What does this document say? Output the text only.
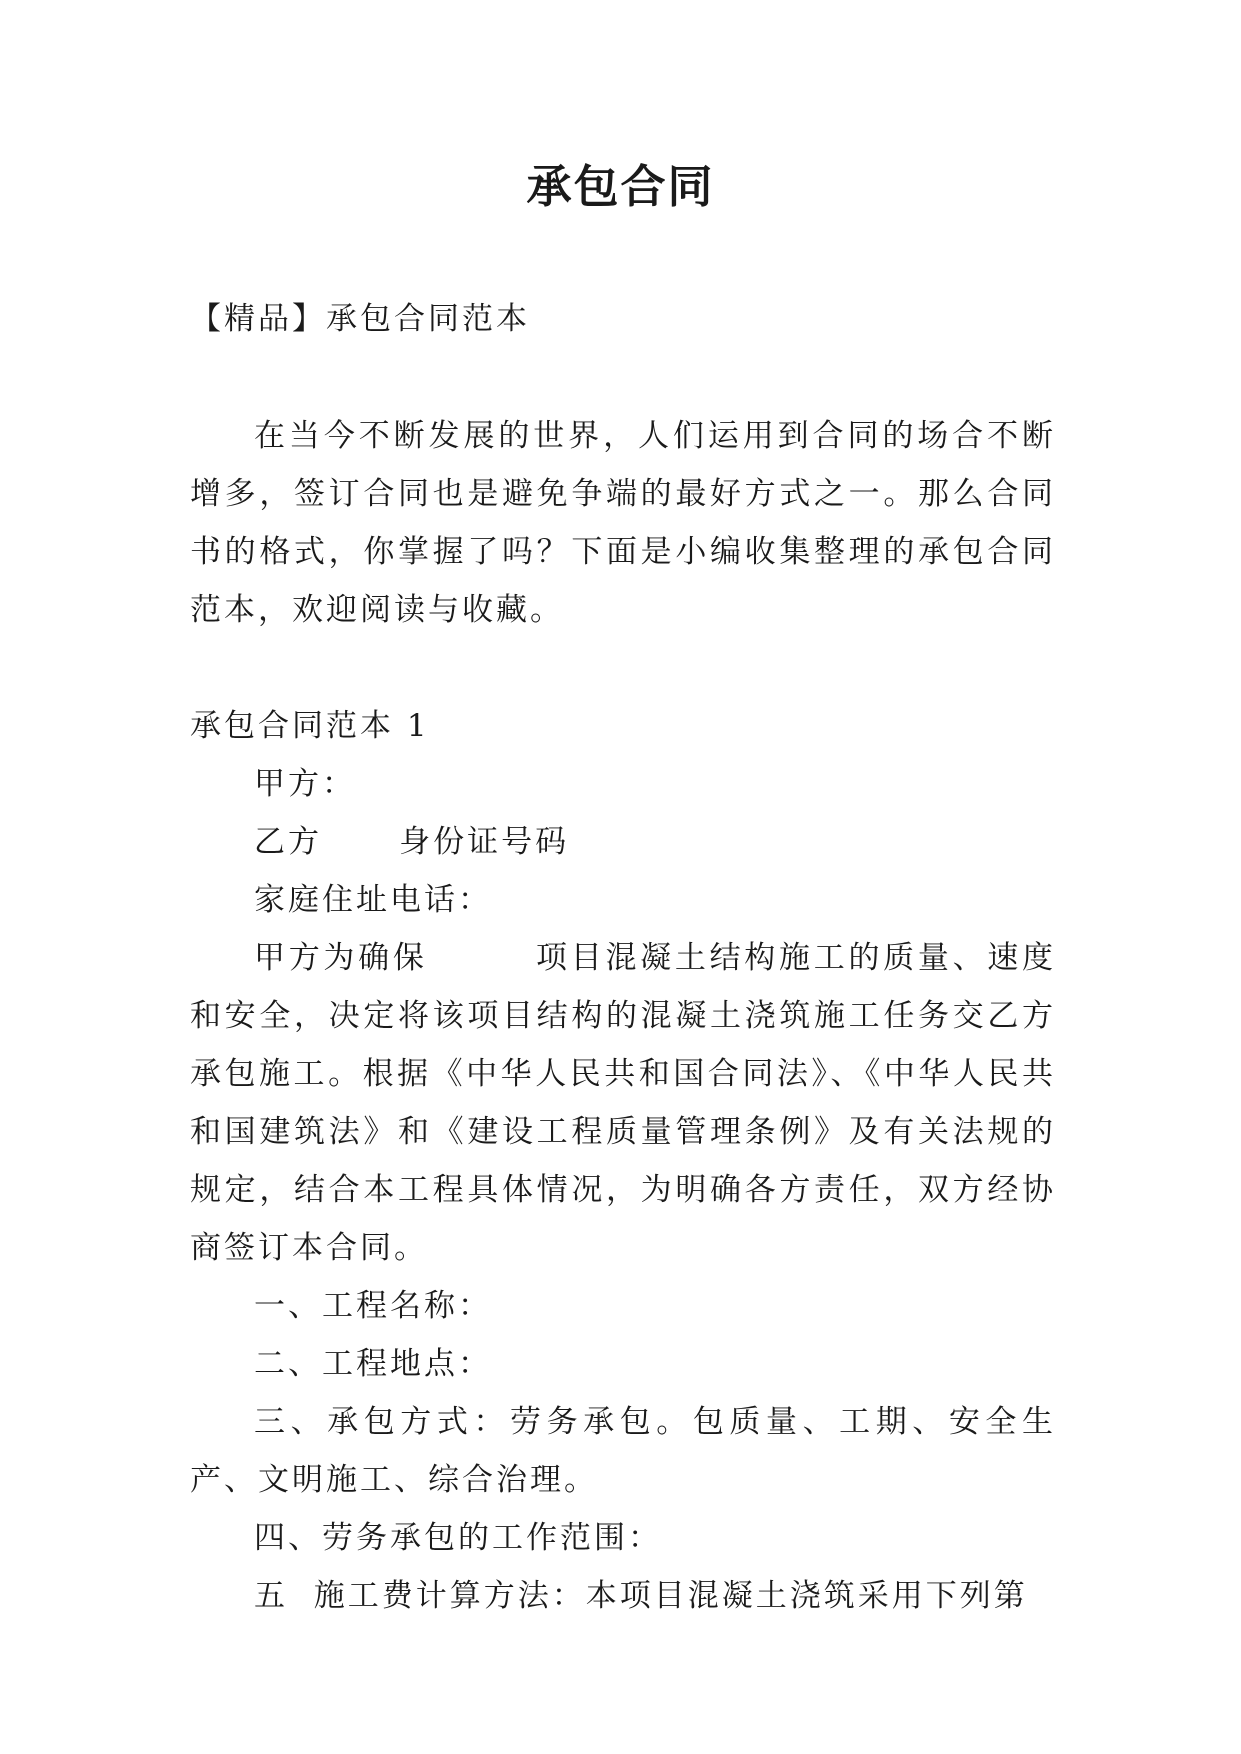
承包合同
【精品】承包合同范本

在当今不断发展的世界，人们运用到合同的场合不断增多，签订合同也是避免争端的最好方式之一。那么合同书的格式，你掌握了吗？下面是小编收集整理的承包合同范本，欢迎阅读与收藏。

承包合同范本 1

甲方：

乙方      身份证号码

家庭住址电话：

甲方为确保        项目混凝土结构施工的质量、速度和安全，决定将该项目结构的混凝土浇筑施工任务交乙方承包施工。根据《中华人民共和国合同法》、《中华人民共和国建筑法》和《建设工程质量管理条例》及有关法规的规定，结合本工程具体情况，为明确各方责任，双方经协商签订本合同。

一、工程名称：

二、工程地点：

三、承包方式：劳务承包。包质量、工期、安全生产、文明施工、综合治理。

四、劳务承包的工作范围：

五  施工费计算方法：本项目混凝土浇筑采用下列第
